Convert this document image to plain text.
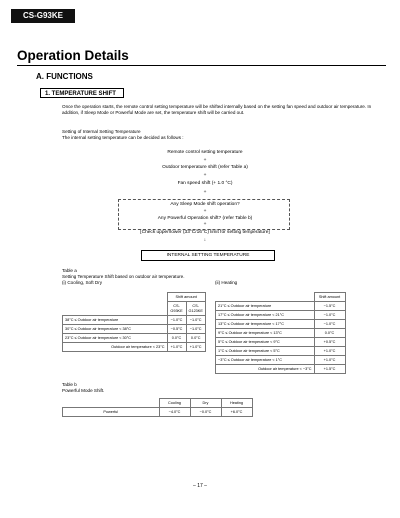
CS-G93KE
Operation Details
A. FUNCTIONS
1. TEMPERATURE SHIFT
Once the operation starts, the remote control setting temperature will be shifted internally based on the setting fan speed and outdoor air temperature. In addition, if Sleep Mode or Powerful Mode are set, the temperature shift will be carried out.
Setting of Internal Setting Temperature
The internal setting temperature can be decided as follows :
Remote control setting temperature
+
Outdoor temperature shift (refer Table a)
+
Fan speed shift (+ 1.0 °C)
+
Any Sleep Mode shift operation?
+
Any Powerful Operation shift? (refer Table b)
+
[Check upper/lower (33°C/16°C) limit for setting temperature]
↓
INTERNAL SETTING TEMPERATURE
Table a
Setting Temperature Shift based on outdoor air temperature.
(i) Cooling, Soft Dry	(ii) Heating
	Shift amount	
	CS-G93KE	CS-G123KE
38°C ≤ Outdoor air temperature	−1.0°C	−1.0°C
30°C ≤ Outdoor air temperature < 38°C	−0.5°C	−1.0°C
23°C ≤ Outdoor air temperature < 30°C	0.0°C	0.0°C
Outdoor air temperature < 23°C	+1.0°C	+1.0°C
	Shift amount
21°C ≤ Outdoor air temperature	−1.5°C
17°C ≤ Outdoor air temperature < 21°C	−1.0°C
13°C ≤ Outdoor air temperature < 17°C	−1.0°C
9°C ≤ Outdoor air temperature < 13°C	0.0°C
5°C ≤ Outdoor air temperature < 9°C	+0.5°C
1°C ≤ Outdoor air temperature < 5°C	+1.0°C
−3°C ≤ Outdoor air temperature < 1°C	+1.0°C
Outdoor air temperature < −3°C	+1.5°C
Table b
Powerful Mode Shift.
	Cooling	Dry	Heating
Powerful	−4.0°C	−0.0°C	+6.0°C
– 17 –
